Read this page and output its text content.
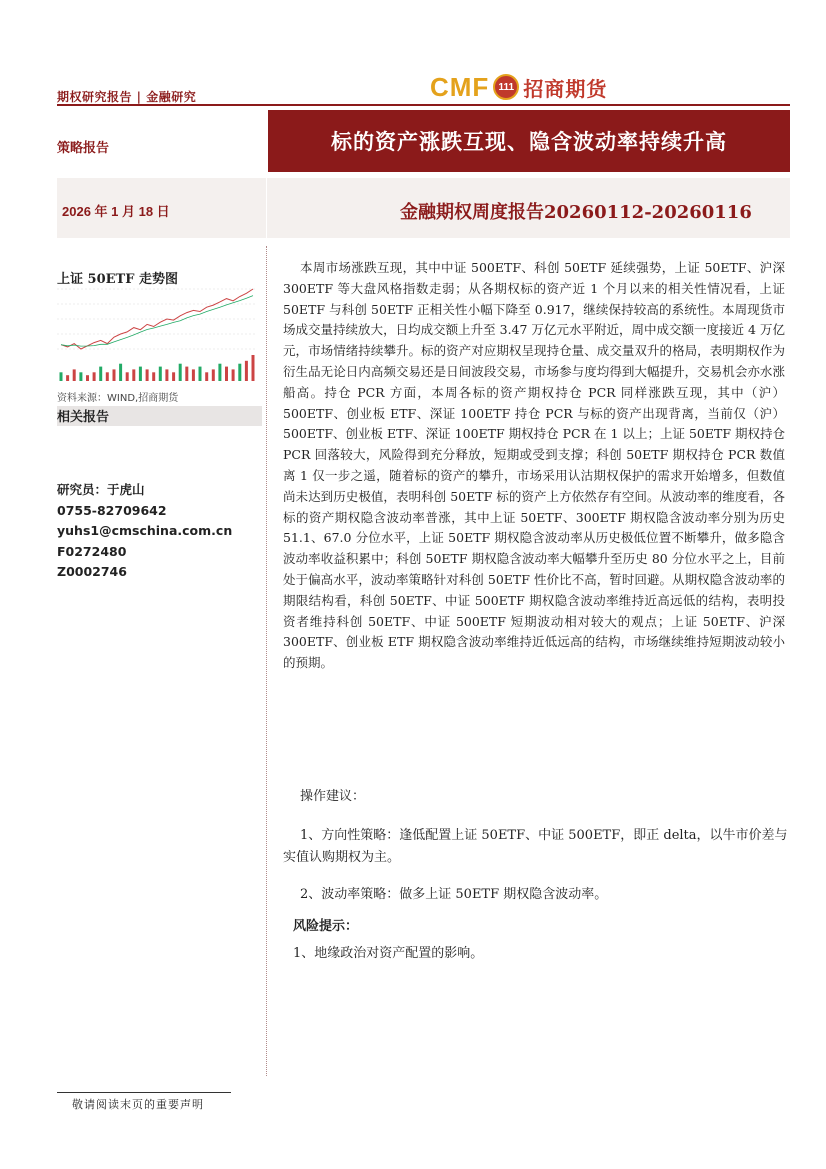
期权研究报告 | 金融研究	CMF 111 招商期货
策略报告	标的资产涨跌互现、隐含波动率持续升高
2026 年 1 月 18 日	金融期权周度报告20260112-20260116
上证 50ETF 走势图
资料来源：WIND,招商期货
相关报告
研究员：于虎山
0755-82709642
yuhs1@cmschina.com.cn
F0272480
Z0002746
本周市场涨跌互现，其中中证 500ETF、科创 50ETF 延续强势，上证 50ETF、沪深 300ETF 等大盘风格指数走弱；从各期权标的资产近 1 个月以来的相关性情况看，上证 50ETF 与科创 50ETF 正相关性小幅下降至 0.917，继续保持较高的系统性。本周现货市场成交量持续放大，日均成交额上升至 3.47 万亿元水平附近，周中成交额一度接近 4 万亿元，市场情绪持续攀升。标的资产对应期权呈现持仓量、成交量双升的格局，表明期权作为衍生品无论日内高频交易还是日间波段交易，市场参与度均得到大幅提升，交易机会亦水涨船高。持仓 PCR 方面，本周各标的资产期权持仓 PCR 同样涨跌互现，其中（沪）500ETF、创业板 ETF、深证 100ETF 持仓 PCR 与标的资产出现背离，当前仅（沪）500ETF、创业板 ETF、深证 100ETF 期权持仓 PCR 在 1 以上；上证 50ETF 期权持仓 PCR 回落较大，风险得到充分释放，短期或受到支撑；科创 50ETF 期权持仓 PCR 数值离 1 仅一步之遥，随着标的资产的攀升，市场采用认沽期权保护的需求开始增多，但数值尚未达到历史极值，表明科创 50ETF 标的资产上方依然存有空间。从波动率的维度看，各标的资产期权隐含波动率普涨，其中上证 50ETF、300ETF 期权隐含波动率分别为历史 51.1、67.0 分位水平，上证 50ETF 期权隐含波动率从历史极低位置不断攀升，做多隐含波动率收益积累中；科创 50ETF 期权隐含波动率大幅攀升至历史 80 分位水平之上，目前处于偏高水平，波动率策略针对科创 50ETF 性价比不高，暂时回避。从期权隐含波动率的期限结构看，科创 50ETF、中证 500ETF 期权隐含波动率维持近高远低的结构，表明投资者维持科创 50ETF、中证 500ETF 短期波动相对较大的观点；上证 50ETF、沪深 300ETF、创业板 ETF 期权隐含波动率维持近低远高的结构，市场继续维持短期波动较小的预期。
操作建议：
1、方向性策略：逢低配置上证 50ETF、中证 500ETF，即正 delta，以牛市价差与实值认购期权为主。
2、波动率策略：做多上证 50ETF 期权隐含波动率。
风险提示：
1、地缘政治对资产配置的影响。
敬请阅读末页的重要声明
